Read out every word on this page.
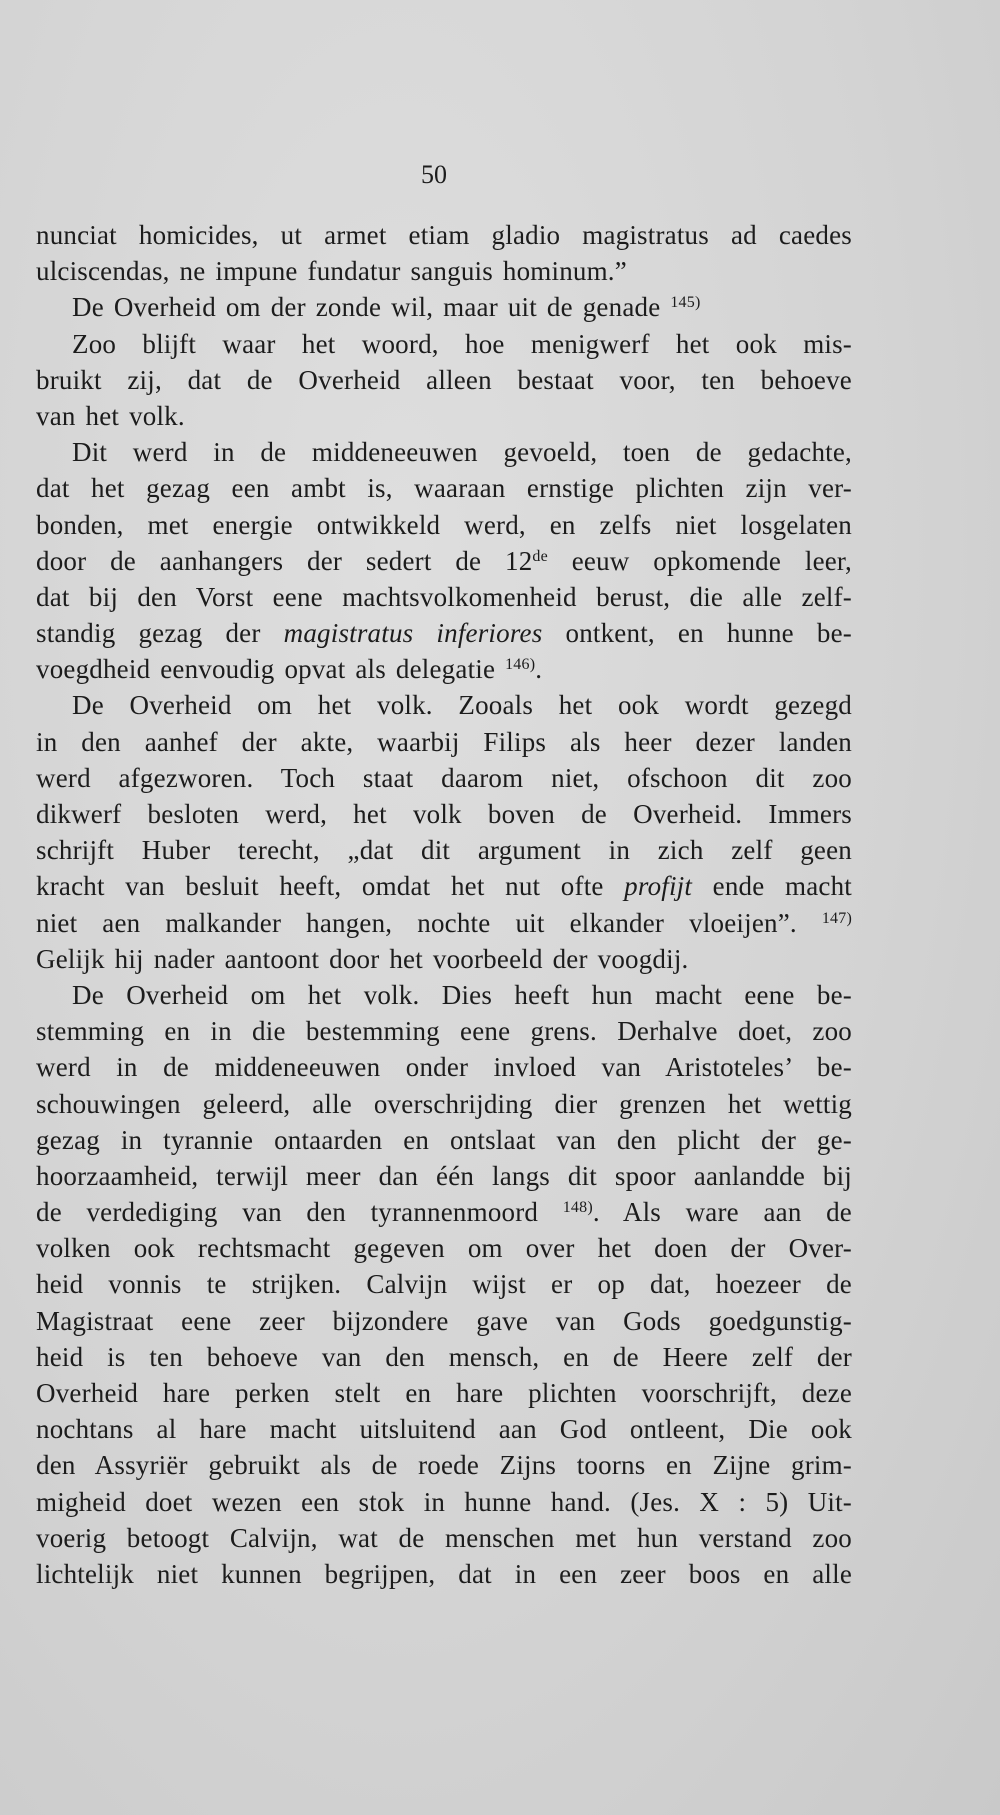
50
nunciat homicides, ut armet etiam gladio magistratus ad caedes
ulciscendas, ne impune fundatur sanguis hominum.”
De Overheid om der zonde wil, maar uit de genade $^{145)}$
Zoo blijft waar het woord, hoe menigwerf het ook mis-
bruikt zij, dat de Overheid alleen bestaat voor, ten behoeve
van het volk.
Dit werd in de middeneeuwen gevoeld, toen de gedachte,
dat het gezag een ambt is, waaraan ernstige plichten zijn ver-
bonden, met energie ontwikkeld werd, en zelfs niet losgelaten
door de aanhangers der sedert de 12de eeuw opkomende leer,
dat bij den Vorst eene machtsvolkomenheid berust, die alle zelf-
standig gezag der magistratus inferiores ontkent, en hunne be-
voegdheid eenvoudig opvat als delegatie $^{146)}$.
De Overheid om het volk. Zooals het ook wordt gezegd
in den aanhef der akte, waarbij Filips als heer dezer landen
werd afgezworen. Toch staat daarom niet, ofschoon dit zoo
dikwerf besloten werd, het volk boven de Overheid. Immers
schrijft Huber terecht, „dat dit argument in zich zelf geen
kracht van besluit heeft, omdat het nut ofte profijt ende macht
niet aen malkander hangen, nochte uit elkander vloeijen”. $^{147)}$
Gelijk hij nader aantoont door het voorbeeld der voogdij.
De Overheid om het volk. Dies heeft hun macht eene be-
stemming en in die bestemming eene grens. Derhalve doet, zoo
werd in de middeneeuwen onder invloed van Aristoteles’ be-
schouwingen geleerd, alle overschrijding dier grenzen het wettig
gezag in tyrannie ontaarden en ontslaat van den plicht der ge-
hoorzaamheid, terwijl meer dan één langs dit spoor aanlandde bij
de verdediging van den tyrannenmoord $^{148)}$. Als ware aan de
volken ook rechtsmacht gegeven om over het doen der Over-
heid vonnis te strijken. Calvijn wijst er op dat, hoezeer de
Magistraat eene zeer bijzondere gave van Gods goedgunstig-
heid is ten behoeve van den mensch, en de Heere zelf der
Overheid hare perken stelt en hare plichten voorschrijft, deze
nochtans al hare macht uitsluitend aan God ontleent, Die ook
den Assyriër gebruikt als de roede Zijns toorns en Zijne grim-
migheid doet wezen een stok in hunne hand. (Jes. X : 5) Uit-
voerig betoogt Calvijn, wat de menschen met hun verstand zoo
lichtelijk niet kunnen begrijpen, dat in een zeer boos en alle
